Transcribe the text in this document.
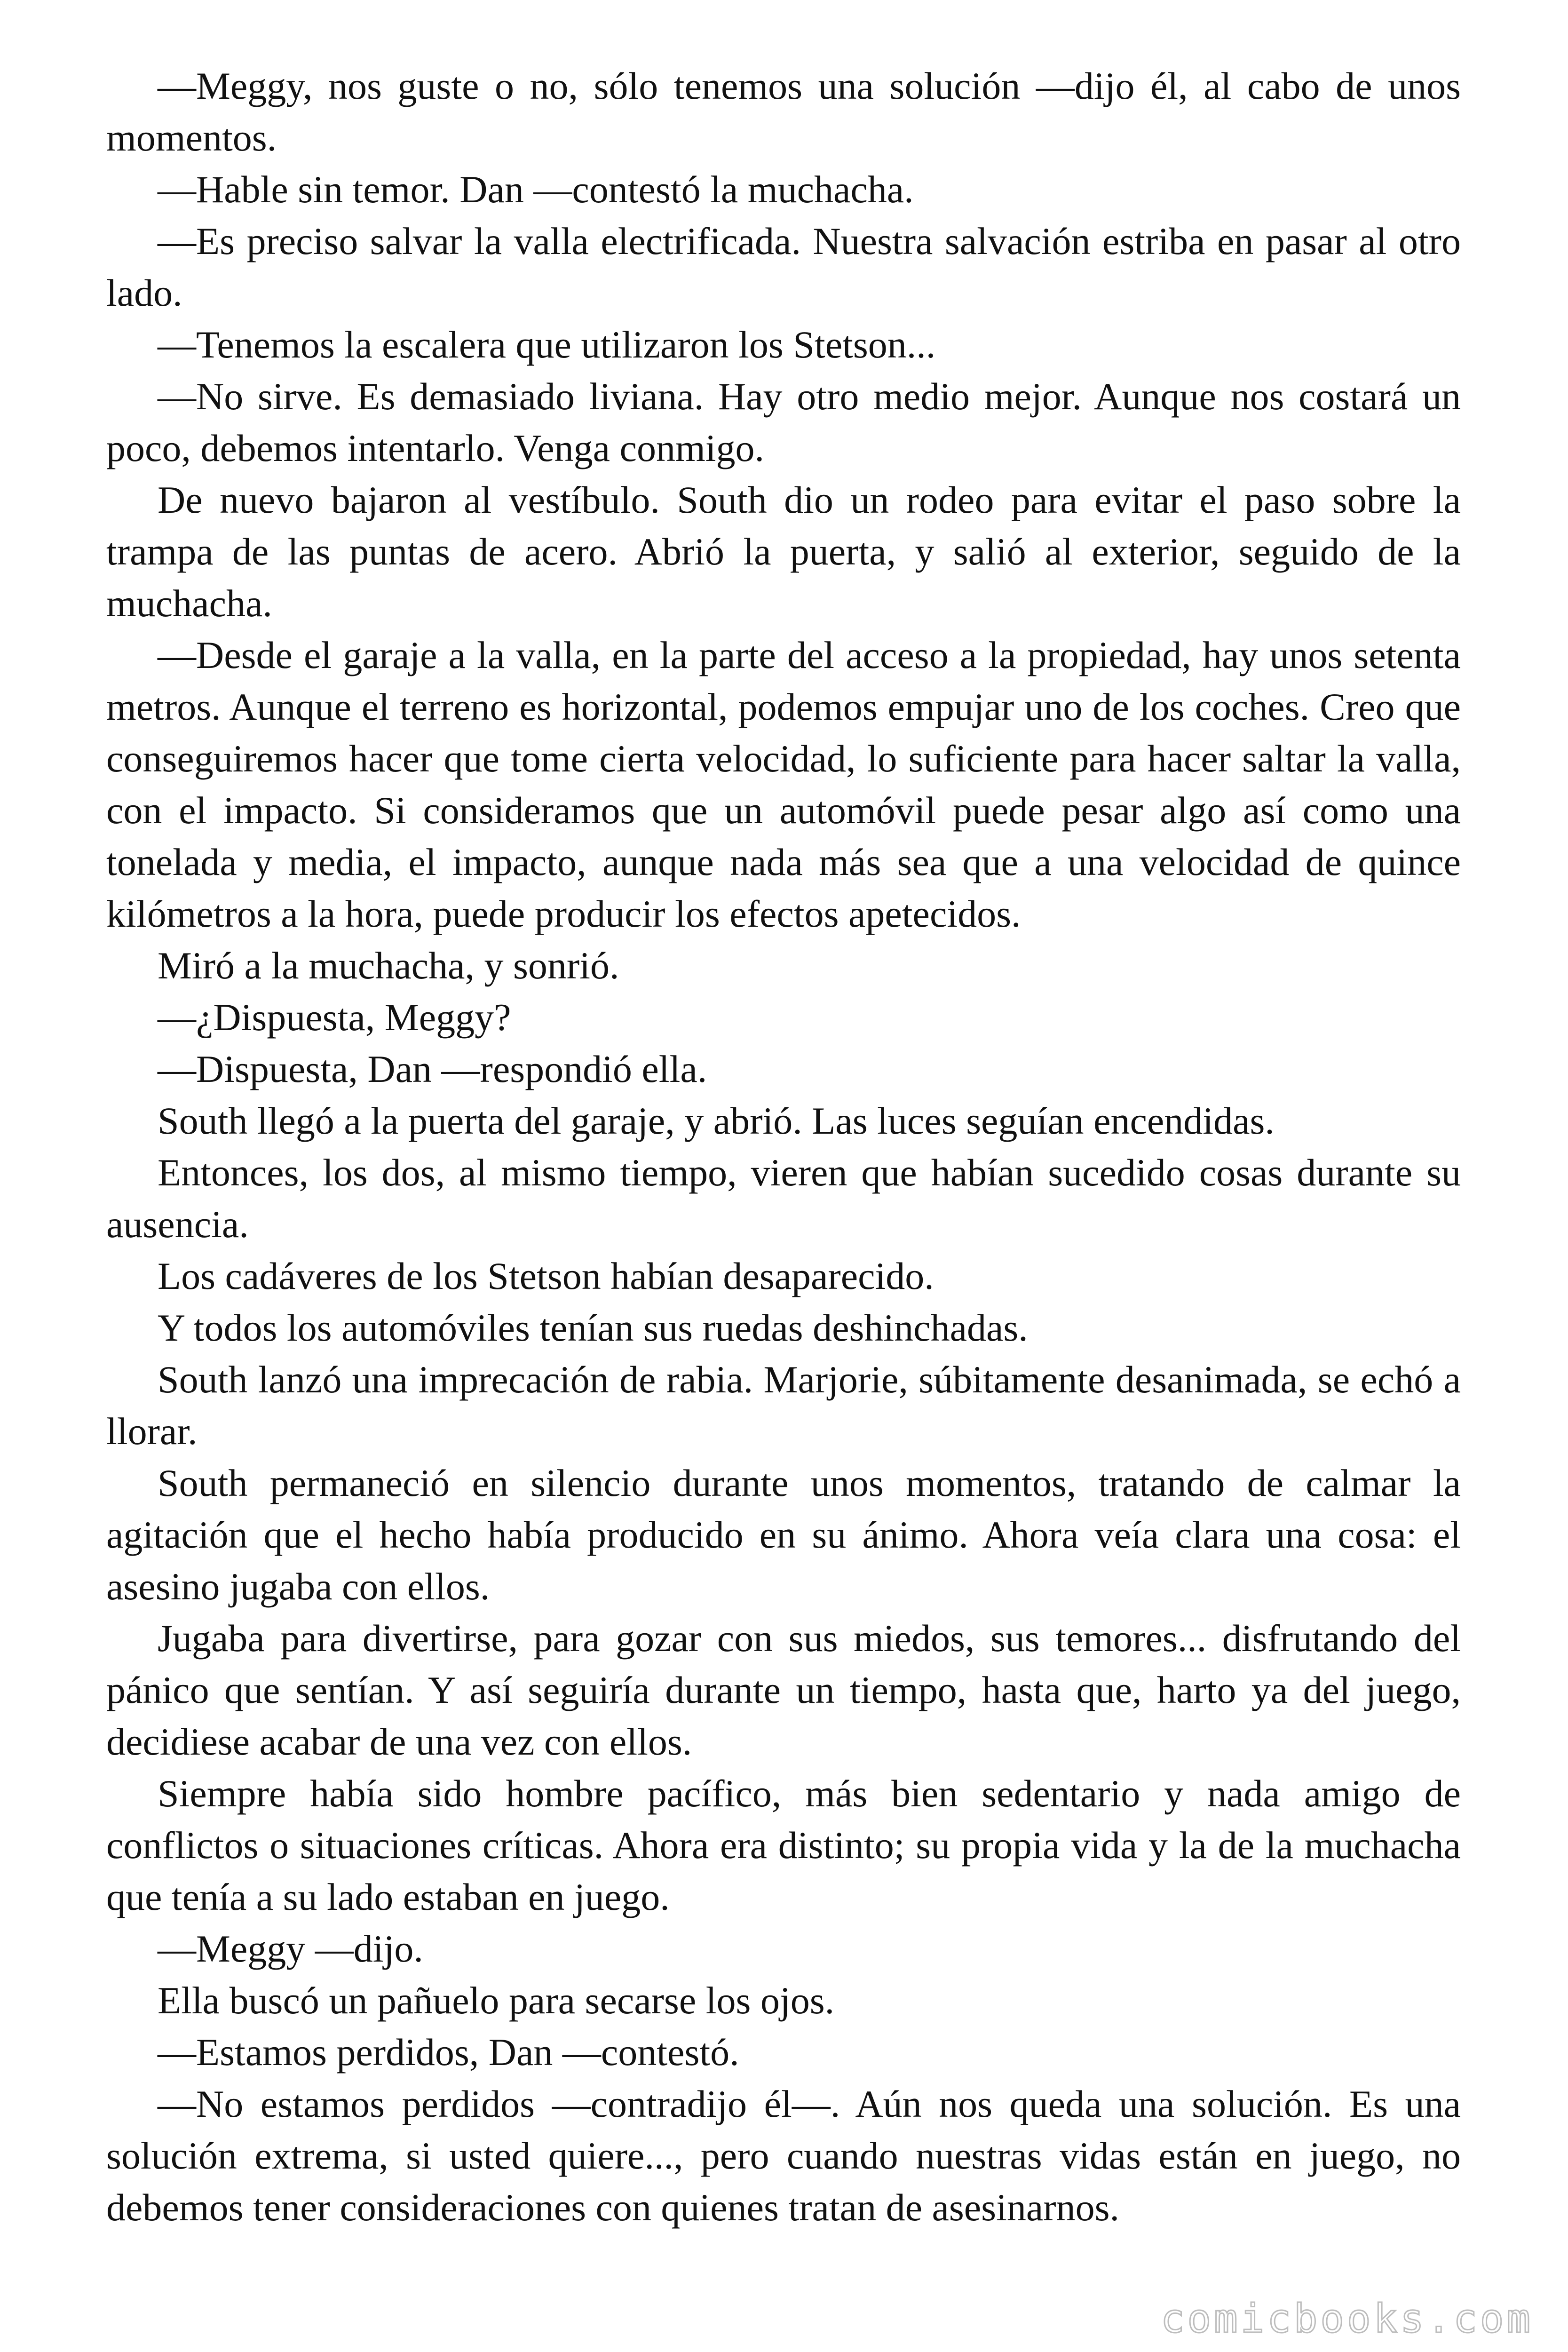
—Meggy, nos guste o no, sólo tenemos una solución —dijo él, al cabo de unos momentos.

—Hable sin temor. Dan —contestó la muchacha.

—Es preciso salvar la valla electrificada. Nuestra salvación estriba en pasar al otro lado.

—Tenemos la escalera que utilizaron los Stetson...

—No sirve. Es demasiado liviana. Hay otro medio mejor. Aunque nos costará un poco, debemos intentarlo. Venga conmigo.

De nuevo bajaron al vestíbulo. South dio un rodeo para evitar el paso sobre la trampa de las puntas de acero. Abrió la puerta, y salió al exterior, seguido de la muchacha.

—Desde el garaje a la valla, en la parte del acceso a la propiedad, hay unos setenta metros. Aunque el terreno es horizontal, podemos empujar uno de los coches. Creo que conseguiremos hacer que tome cierta velocidad, lo suficiente para hacer saltar la valla, con el impacto. Si consideramos que un automóvil puede pesar algo así como una tonelada y media, el impacto, aunque nada más sea que a una velocidad de quince kilómetros a la hora, puede producir los efectos apetecidos.

Miró a la muchacha, y sonrió.

—¿Dispuesta, Meggy?

—Dispuesta, Dan —respondió ella.

South llegó a la puerta del garaje, y abrió. Las luces seguían encendidas.

Entonces, los dos, al mismo tiempo, vieren que habían sucedido cosas durante su ausencia.

Los cadáveres de los Stetson habían desaparecido.

Y todos los automóviles tenían sus ruedas deshinchadas.

South lanzó una imprecación de rabia. Marjorie, súbitamente desanimada, se echó a llorar.

South permaneció en silencio durante unos momentos, tratando de calmar la agitación que el hecho había producido en su ánimo. Ahora veía clara una cosa: el asesino jugaba con ellos.

Jugaba para divertirse, para gozar con sus miedos, sus temores... disfrutando del pánico que sentían. Y así seguiría durante un tiempo, hasta que, harto ya del juego, decidiese acabar de una vez con ellos.

Siempre había sido hombre pacífico, más bien sedentario y nada amigo de conflictos o situaciones críticas. Ahora era distinto; su propia vida y la de la muchacha que tenía a su lado estaban en juego.

—Meggy —dijo.

Ella buscó un pañuelo para secarse los ojos.

—Estamos perdidos, Dan —contestó.

—No estamos perdidos —contradijo él—. Aún nos queda una solución. Es una solución extrema, si usted quiere..., pero cuando nuestras vidas están en juego, no debemos tener consideraciones con quienes tratan de asesinarnos.

comicbooks.com
